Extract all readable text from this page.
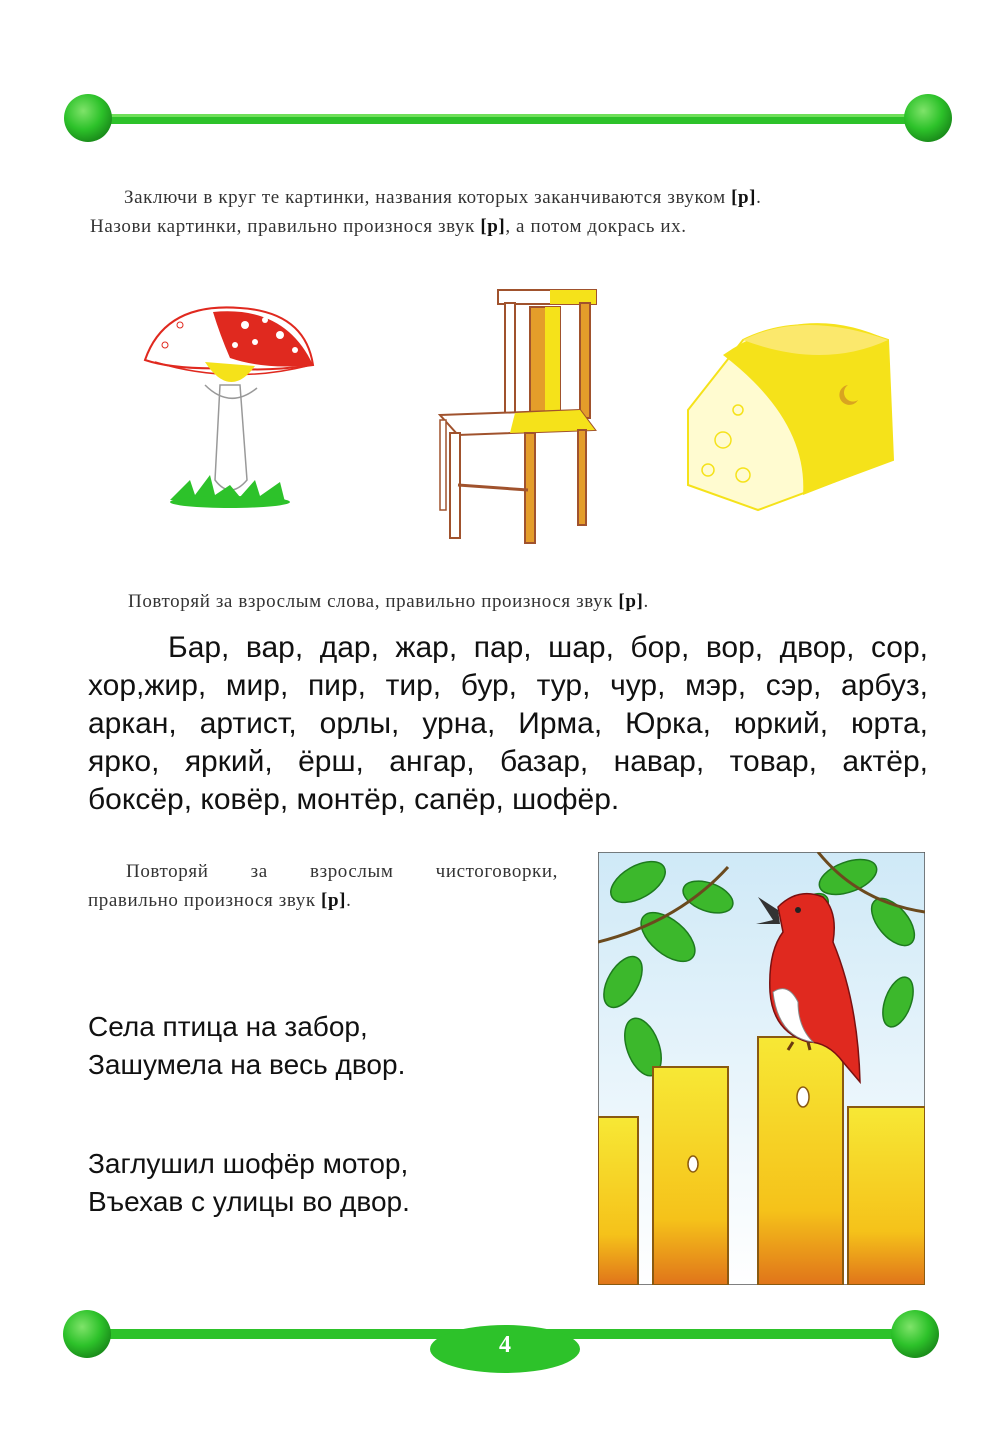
Заключи в круг те картинки, названия которых заканчиваются звуком [р].
Назови картинки, правильно произнося звук [р], а потом докрась их.
Повторяй за взрослым слова, правильно произнося звук [р].
Бар, вар, дар, жар, пар, шар, бор, вор, двор, сор,
хор,жир, мир, пир, тир, бур, тур, чур, мэр, сэр, арбуз,
аркан, артист, орлы, урна, Ирма, Юрка, юркий, юрта,
ярко, яркий, ёрш, ангар, базар, навар, товар, актёр,
боксёр, ковёр, монтёр, сапёр, шофёр.
Повторяй за взрослым чистоговорки,
правильно произнося звук [р].
Села птица на забор,
Зашумела на весь двор.
Заглушил шофёр мотор,
Въехав с улицы во двор.
4
